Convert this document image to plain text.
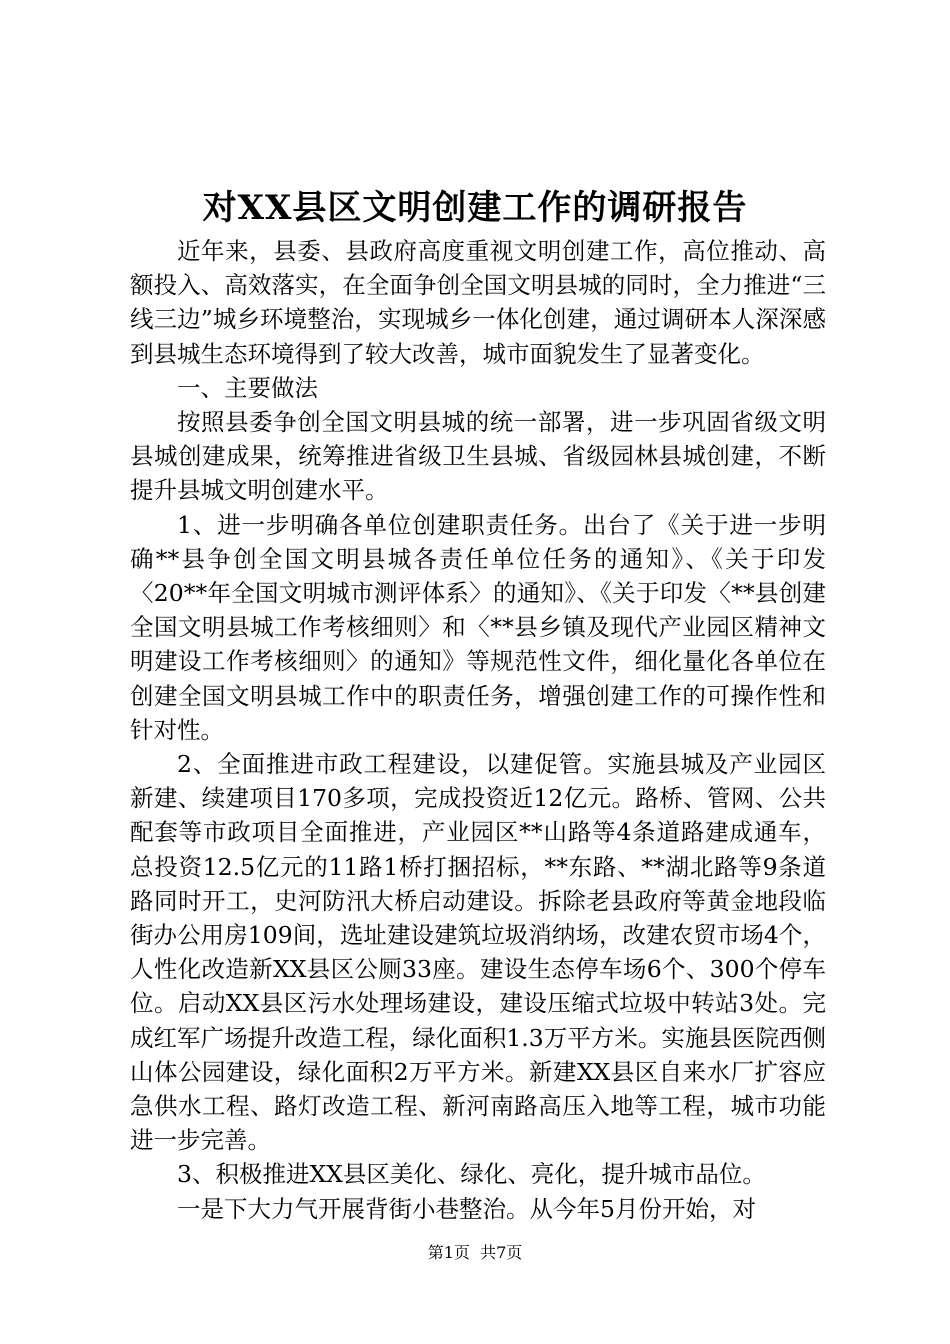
对XX县区文明创建工作的调研报告

近年来，县委、县政府高度重视文明创建工作，高位推动、高额投入、高效落实，在全面争创全国文明县城的同时，全力推进“三线三边”城乡环境整治，实现城乡一体化创建，通过调研本人深深感到县城生态环境得到了较大改善，城市面貌发生了显著变化。

一、主要做法

按照县委争创全国文明县城的统一部署，进一步巩固省级文明县城创建成果，统筹推进省级卫生县城、省级园林县城创建，不断提升县城文明创建水平。

1、进一步明确各单位创建职责任务。出台了《关于进一步明确**县争创全国文明县城各责任单位任务的通知》、《关于印发〈20**年全国文明城市测评体系〉的通知》、《关于印发〈**县创建全国文明县城工作考核细则〉和〈**县乡镇及现代产业园区精神文明建设工作考核细则〉的通知》等规范性文件，细化量化各单位在创建全国文明县城工作中的职责任务，增强创建工作的可操作性和针对性。

2、全面推进市政工程建设，以建促管。实施县城及产业园区新建、续建项目170多项，完成投资近12亿元。路桥、管网、公共配套等市政项目全面推进，产业园区**山路等4条道路建成通车，总投资12.5亿元的11路1桥打捆招标，**东路、**湖北路等9条道路同时开工，史河防汛大桥启动建设。拆除老县政府等黄金地段临街办公用房109间，选址建设建筑垃圾消纳场，改建农贸市场4个，人性化改造新XX县区公厕33座。建设生态停车场6个、300个停车位。启动XX县区污水处理场建设，建设压缩式垃圾中转站3处。完成红军广场提升改造工程，绿化面积1.3万平方米。实施县医院西侧山体公园建设，绿化面积2万平方米。新建XX县区自来水厂扩容应急供水工程、路灯改造工程、新河南路高压入地等工程，城市功能进一步完善。

3、积极推进XX县区美化、绿化、亮化，提升城市品位。

一是下大力气开展背街小巷整治。从今年5月份开始，对

第1页  共7页
